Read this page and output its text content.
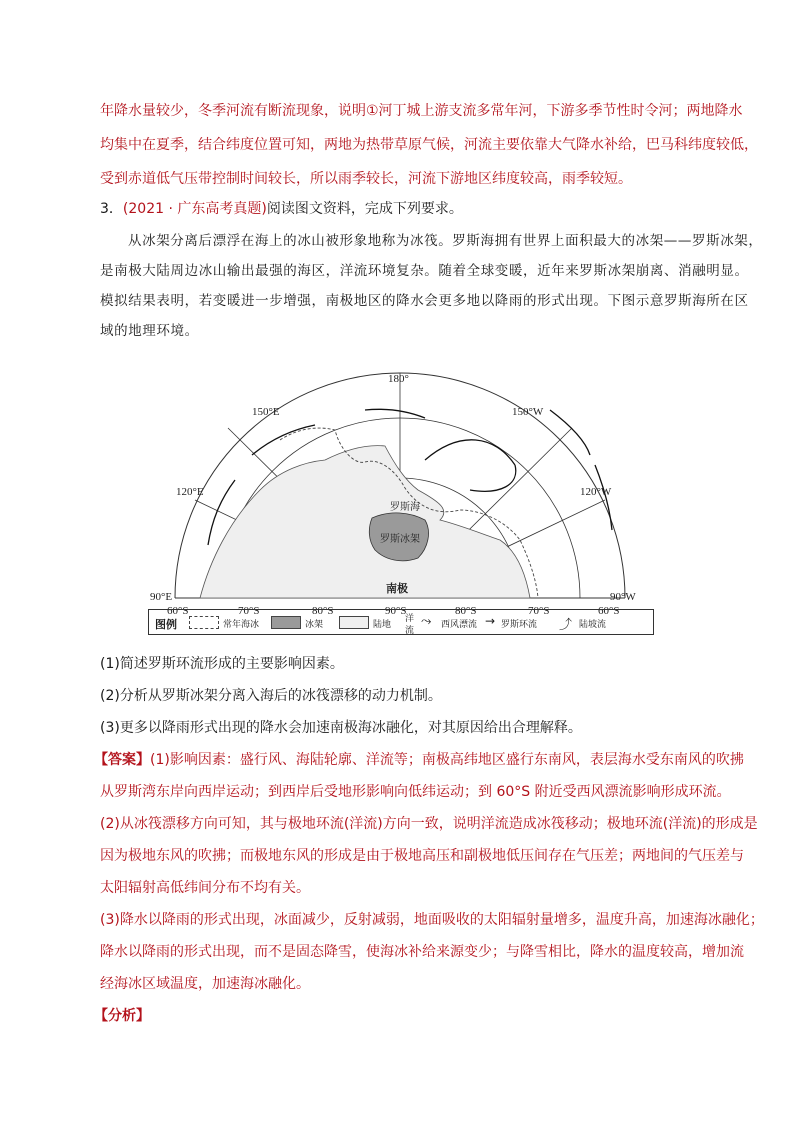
年降水量较少，冬季河流有断流现象，说明①河丁城上游支流多常年河，下游多季节性时令河；两地降水
均集中在夏季，结合纬度位置可知，两地为热带草原气候，河流主要依靠大气降水补给，巴马科纬度较低，
受到赤道低气压带控制时间较长，所以雨季较长，河流下游地区纬度较高，雨季较短。
3．(2021 · 广东高考真题)阅读图文资料，完成下列要求。
从冰架分离后漂浮在海上的冰山被形象地称为冰筏。罗斯海拥有世界上面积最大的冰架——罗斯冰架，
是南极大陆周边冰山输出最强的海区，洋流环境复杂。随着全球变暖，近年来罗斯冰架崩离、消融明显。
模拟结果表明，若变暖进一步增强，南极地区的降水会更多地以降雨的形式出现。下图示意罗斯海所在区
域的地理环境。
180°
150°E	150°W
120°E	120°W
90°E	90°W
60°S	70°S	80°S	90°S	80°S	70°S	60°S
罗斯海
罗斯冰架
南极
图例	常年海冰	冰架	陆地
洋
流
⤳ 西风漂流 → 罗斯环流 ⤴ 陆坡流
(1)简述罗斯环流形成的主要影响因素。
(2)分析从罗斯冰架分离入海后的冰筏漂移的动力机制。
(3)更多以降雨形式出现的降水会加速南极海冰融化，对其原因给出合理解释。
【答案】(1)影响因素：盛行风、海陆轮廓、洋流等；南极高纬地区盛行东南风，表层海水受东南风的吹拂
从罗斯湾东岸向西岸运动；到西岸后受地形影响向低纬运动；到 60°S 附近受西风漂流影响形成环流。
(2)从冰筏漂移方向可知，其与极地环流(洋流)方向一致，说明洋流造成冰筏移动；极地环流(洋流)的形成是
因为极地东风的吹拂；而极地东风的形成是由于极地高压和副极地低压间存在气压差；两地间的气压差与
太阳辐射高低纬间分布不均有关。
(3)降水以降雨的形式出现，冰面减少，反射减弱，地面吸收的太阳辐射量增多，温度升高，加速海冰融化；
降水以降雨的形式出现，而不是固态降雪，使海冰补给来源变少；与降雪相比，降水的温度较高，增加流
经海冰区域温度，加速海冰融化。
【分析】
